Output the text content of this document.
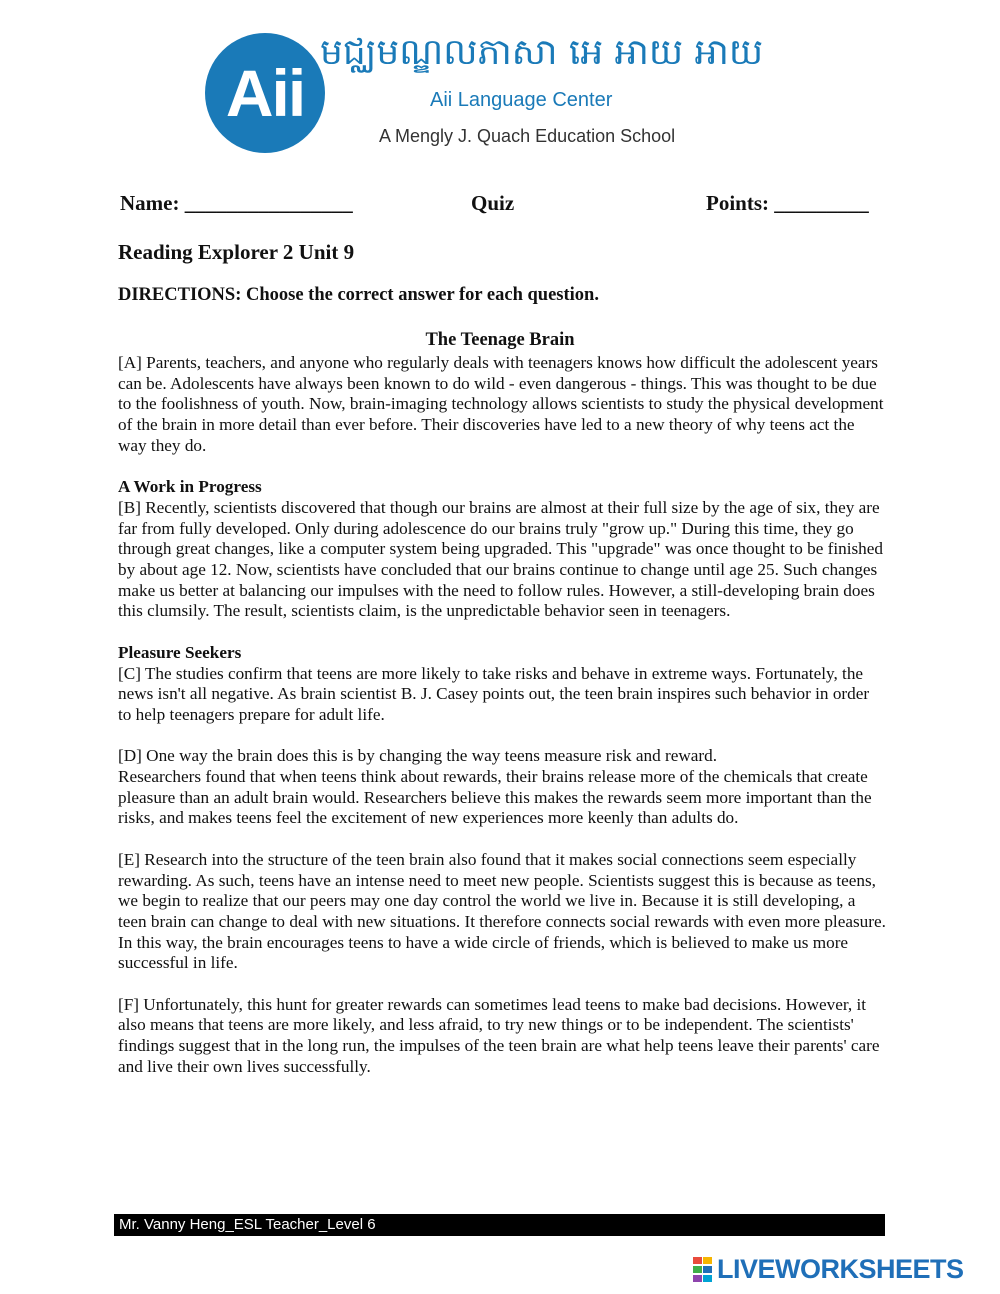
Aii
មជ្ឈមណ្ឌលភាសា អេ អាយ អាយ
Aii Language Center
A Mengly J. Quach Education School
Name: ________________	Quiz	Points: _________
Reading Explorer 2 Unit 9
DIRECTIONS: Choose the correct answer for each question.
The Teenage Brain

[A] Parents, teachers, and anyone who regularly deals with teenagers knows how difficult the adolescent years can be. Adolescents have always been known to do wild - even dangerous - things. This was thought to be due to the foolishness of youth. Now, brain-imaging technology allows scientists to study the physical development of the brain in more detail than ever before. Their discoveries have led to a new theory of why teens act the way they do.

A Work in Progress

[B] Recently, scientists discovered that though our brains are almost at their full size by the age of six, they are far from fully developed. Only during adolescence do our brains truly "grow up." During this time, they go through great changes, like a computer system being upgraded. This "upgrade" was once thought to be finished by about age 12. Now, scientists have concluded that our brains continue to change until age 25. Such changes make us better at balancing our impulses with the need to follow rules. However, a still-developing brain does this clumsily. The result, scientists claim, is the unpredictable behavior seen in teenagers.

Pleasure Seekers

[C] The studies confirm that teens are more likely to take risks and behave in extreme ways. Fortunately, the news isn't all negative. As brain scientist B. J. Casey points out, the teen brain inspires such behavior in order to help teenagers prepare for adult life.

[D] One way the brain does this is by changing the way teens measure risk and reward.
Researchers found that when teens think about rewards, their brains release more of the chemicals that create pleasure than an adult brain would. Researchers believe this makes the rewards seem more important than the risks, and makes teens feel the excitement of new experiences more keenly than adults do.

[E] Research into the structure of the teen brain also found that it makes social connections seem especially rewarding. As such, teens have an intense need to meet new people. Scientists suggest this is because as teens, we begin to realize that our peers may one day control the world we live in. Because it is still developing, a teen brain can change to deal with new situations. It therefore connects social rewards with even more pleasure. In this way, the brain encourages teens to have a wide circle of friends, which is believed to make us more successful in life.

[F] Unfortunately, this hunt for greater rewards can sometimes lead teens to make bad decisions. However, it also means that teens are more likely, and less afraid, to try new things or to be independent. The scientists' findings suggest that in the long run, the impulses of the teen brain are what help teens leave their parents' care and live their own lives successfully.

Mr. Vanny Heng_ESL Teacher_Level 6
LIVEWORKSHEETS
